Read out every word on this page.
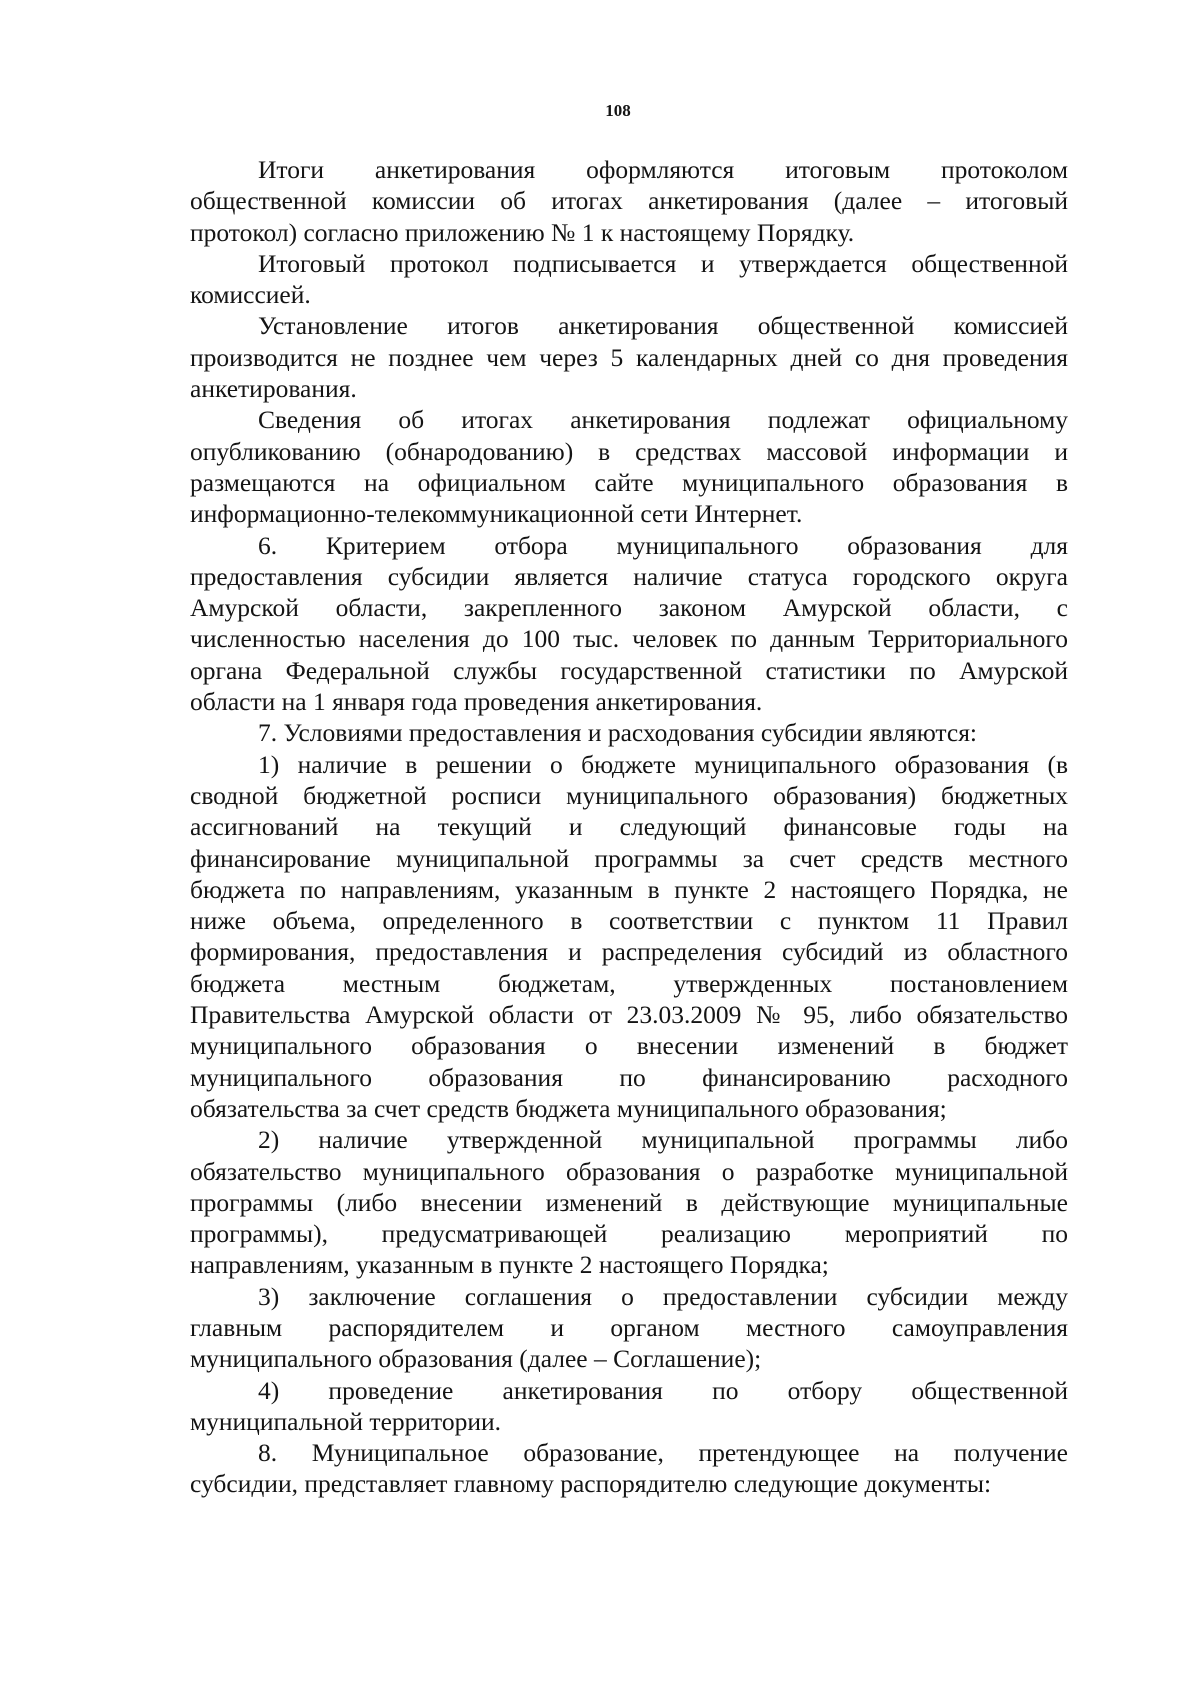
108
Итоги анкетирования оформляются итоговым протоколом
общественной комиссии об итогах анкетирования (далее – итоговый
протокол) согласно приложению № 1 к настоящему Порядку.
Итоговый протокол подписывается и утверждается общественной
комиссией.
Установление итогов анкетирования общественной комиссией
производится не позднее чем через 5 календарных дней со дня проведения
анкетирования.
Сведения об итогах анкетирования подлежат официальному
опубликованию (обнародованию) в средствах массовой информации и
размещаются на официальном сайте муниципального образования в
информационно-телекоммуникационной сети Интернет.
6. Критерием отбора муниципального образования для
предоставления субсидии является наличие статуса городского округа
Амурской области, закрепленного законом Амурской области, с
численностью населения до 100 тыс. человек по данным Территориального
органа Федеральной службы государственной статистики по Амурской
области на 1 января года проведения анкетирования.
7. Условиями предоставления и расходования субсидии являются:
1) наличие в решении о бюджете муниципального образования (в
сводной бюджетной росписи муниципального образования) бюджетных
ассигнований на текущий и следующий финансовые годы на
финансирование муниципальной программы за счет средств местного
бюджета по направлениям, указанным в пункте 2 настоящего Порядка, не
ниже объема, определенного в соответствии с пунктом 11 Правил
формирования, предоставления и распределения субсидий из областного
бюджета местным бюджетам, утвержденных постановлением
Правительства Амурской области от 23.03.2009 № 95, либо обязательство
муниципального образования о внесении изменений в бюджет
муниципального образования по финансированию расходного
обязательства за счет средств бюджета муниципального образования;
2) наличие утвержденной муниципальной программы либо
обязательство муниципального образования о разработке муниципальной
программы (либо внесении изменений в действующие муниципальные
программы), предусматривающей реализацию мероприятий по
направлениям, указанным в пункте 2 настоящего Порядка;
3) заключение соглашения о предоставлении субсидии между
главным распорядителем и органом местного самоуправления
муниципального образования (далее – Соглашение);
4) проведение анкетирования по отбору общественной
муниципальной территории.
8. Муниципальное образование, претендующее на получение
субсидии, представляет главному распорядителю следующие документы:
